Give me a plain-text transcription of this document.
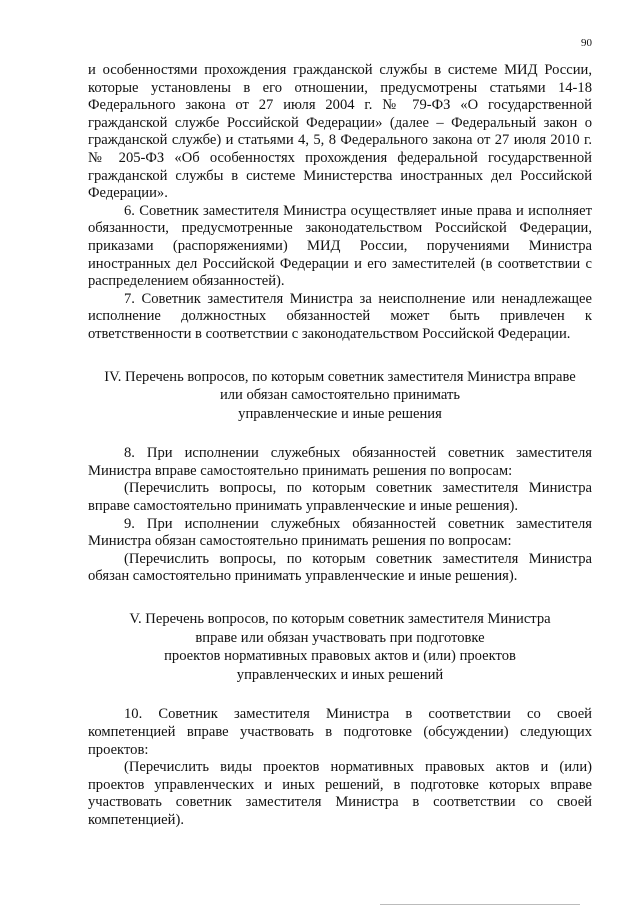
90

и особенностями прохождения гражданской службы в системе МИД России, которые установлены в его отношении, предусмотрены статьями 14-18 Федерального закона от 27 июля 2004 г. № 79-ФЗ «О государственной гражданской службе Российской Федерации» (далее – Федеральный закон о гражданской службе) и статьями 4, 5, 8 Федерального закона от 27 июля 2010 г. № 205-ФЗ «Об особенностях прохождения федеральной государственной гражданской службы в системе Министерства иностранных дел Российской Федерации».

6. Советник заместителя Министра осуществляет иные права и исполняет обязанности, предусмотренные законодательством Российской Федерации, приказами (распоряжениями) МИД России, поручениями Министра иностранных дел Российской Федерации и его заместителей (в соответствии с распределением обязанностей).

7. Советник заместителя Министра за неисполнение или ненадлежащее исполнение должностных обязанностей может быть привлечен к ответственности в соответствии с законодательством Российской Федерации.

IV. Перечень вопросов, по которым советник заместителя Министра вправе
или обязан самостоятельно принимать
управленческие и иные решения

8. При исполнении служебных обязанностей советник заместителя Министра вправе самостоятельно принимать решения по вопросам:

(Перечислить вопросы, по которым советник заместителя Министра вправе самостоятельно принимать управленческие и иные решения).

9. При исполнении служебных обязанностей советник заместителя Министра обязан самостоятельно принимать решения по вопросам:

(Перечислить вопросы, по которым советник заместителя Министра обязан самостоятельно принимать управленческие и иные решения).

V. Перечень вопросов, по которым советник заместителя Министра
вправе или обязан участвовать при подготовке
проектов нормативных правовых актов и (или) проектов
управленческих и иных решений

10. Советник заместителя Министра в соответствии со своей компетенцией вправе участвовать в подготовке (обсуждении) следующих проектов:

(Перечислить виды проектов нормативных правовых актов и (или) проектов управленческих и иных решений, в подготовке которых вправе участвовать советник заместителя Министра в соответствии со своей компетенцией).
